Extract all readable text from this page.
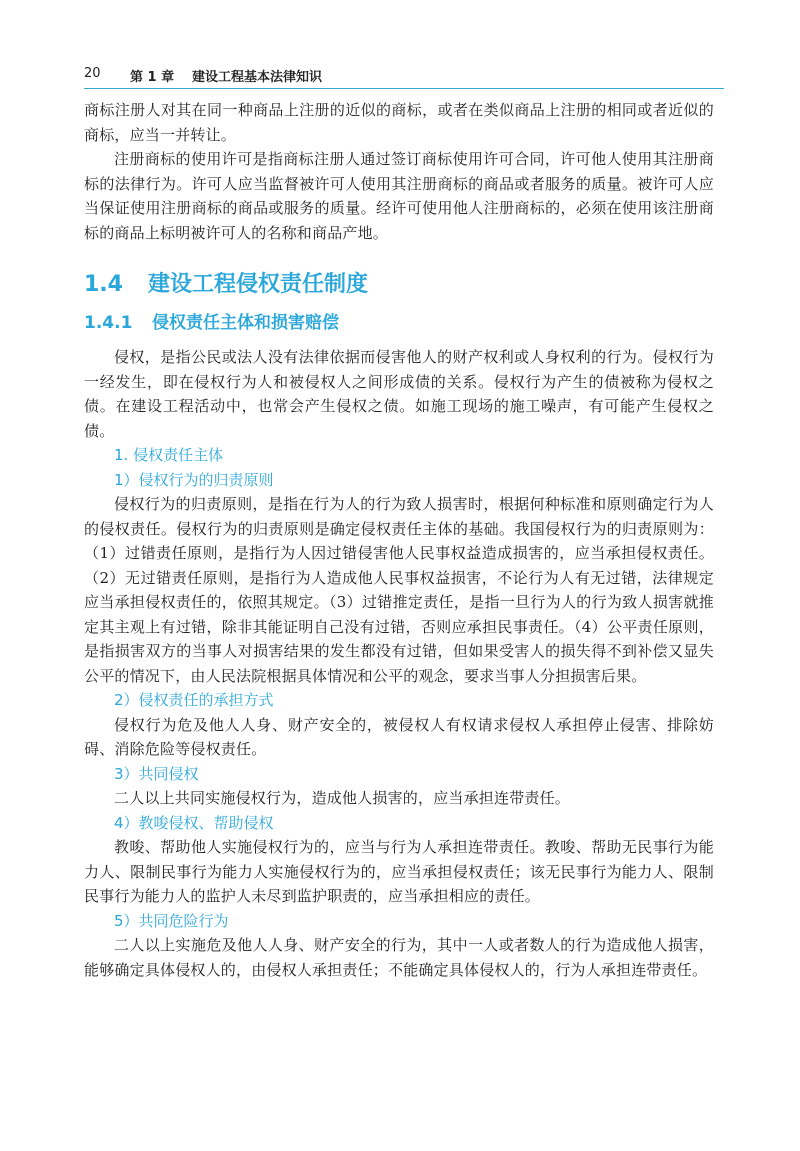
20 第 1 章 建设工程基本法律知识

商标注册人对其在同一种商品上注册的近似的商标，或者在类似商品上注册的相同或者近似的商标，应当一并转让。

注册商标的使用许可是指商标注册人通过签订商标使用许可合同，许可他人使用其注册商标的法律行为。许可人应当监督被许可人使用其注册商标的商品或者服务的质量。被许可人应当保证使用注册商标的商品或服务的质量。经许可使用他人注册商标的，必须在使用该注册商标的商品上标明被许可人的名称和商品产地。

1.4 建设工程侵权责任制度
1.4.1 侵权责任主体和损害赔偿

侵权，是指公民或法人没有法律依据而侵害他人的财产权利或人身权利的行为。侵权行为一经发生，即在侵权行为人和被侵权人之间形成债的关系。侵权行为产生的债被称为侵权之债。在建设工程活动中，也常会产生侵权之债。如施工现场的施工噪声，有可能产生侵权之债。

1. 侵权责任主体
1）侵权行为的归责原则

侵权行为的归责原则，是指在行为人的行为致人损害时，根据何种标准和原则确定行为人的侵权责任。侵权行为的归责原则是确定侵权责任主体的基础。我国侵权行为的归责原则为：（1）过错责任原则，是指行为人因过错侵害他人民事权益造成损害的，应当承担侵权责任。（2）无过错责任原则，是指行为人造成他人民事权益损害，不论行为人有无过错，法律规定应当承担侵权责任的，依照其规定。（3）过错推定责任，是指一旦行为人的行为致人损害就推定其主观上有过错，除非其能证明自己没有过错，否则应承担民事责任。（4）公平责任原则，是指损害双方的当事人对损害结果的发生都没有过错，但如果受害人的损失得不到补偿又显失公平的情况下，由人民法院根据具体情况和公平的观念，要求当事人分担损害后果。

2）侵权责任的承担方式

侵权行为危及他人人身、财产安全的，被侵权人有权请求侵权人承担停止侵害、排除妨碍、消除危险等侵权责任。

3）共同侵权

二人以上共同实施侵权行为，造成他人损害的，应当承担连带责任。

4）教唆侵权、帮助侵权

教唆、帮助他人实施侵权行为的，应当与行为人承担连带责任。教唆、帮助无民事行为能力人、限制民事行为能力人实施侵权行为的，应当承担侵权责任；该无民事行为能力人、限制民事行为能力人的监护人未尽到监护职责的，应当承担相应的责任。

5）共同危险行为

二人以上实施危及他人人身、财产安全的行为，其中一人或者数人的行为造成他人损害，能够确定具体侵权人的，由侵权人承担责任；不能确定具体侵权人的，行为人承担连带责任。
